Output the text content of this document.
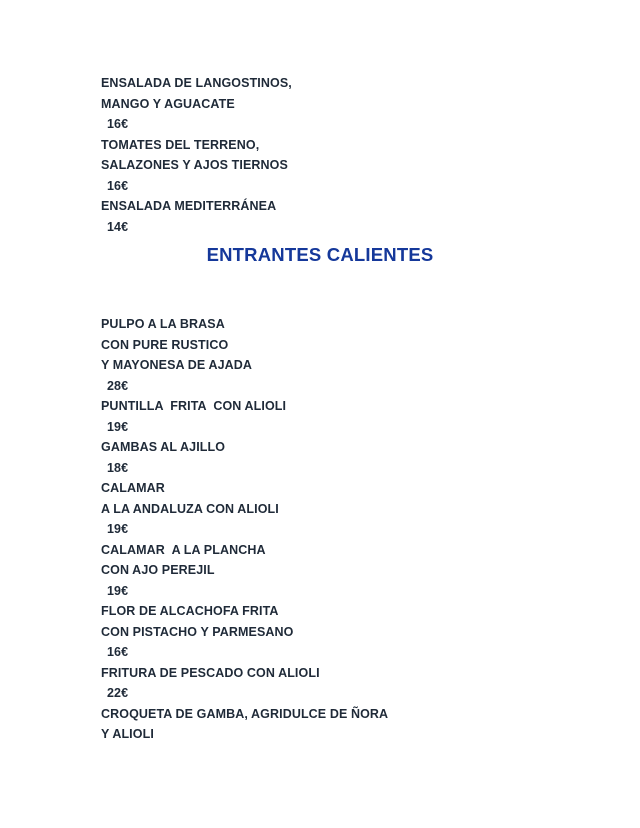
ENSALADA DE LANGOSTINOS,
MANGO Y AGUACATE
16€
TOMATES DEL TERRENO,
SALAZONES Y AJOS TIERNOS
16€
ENSALADA MEDITERRÁNEA
14€
ENTRANTES CALIENTES
PULPO A LA BRASA
CON PURE RUSTICO
Y MAYONESA DE AJADA
28€
PUNTILLA  FRITA  CON ALIOLI
19€
GAMBAS AL AJILLO
18€
CALAMAR
A LA ANDALUZA CON ALIOLI
19€
CALAMAR  A LA PLANCHA
CON AJO PEREJIL
19€
FLOR DE ALCACHOFA FRITA
CON PISTACHO Y PARMESANO
16€
FRITURA DE PESCADO CON ALIOLI
22€
CROQUETA DE GAMBA, AGRIDULCE DE ÑORA
Y ALIOLI
